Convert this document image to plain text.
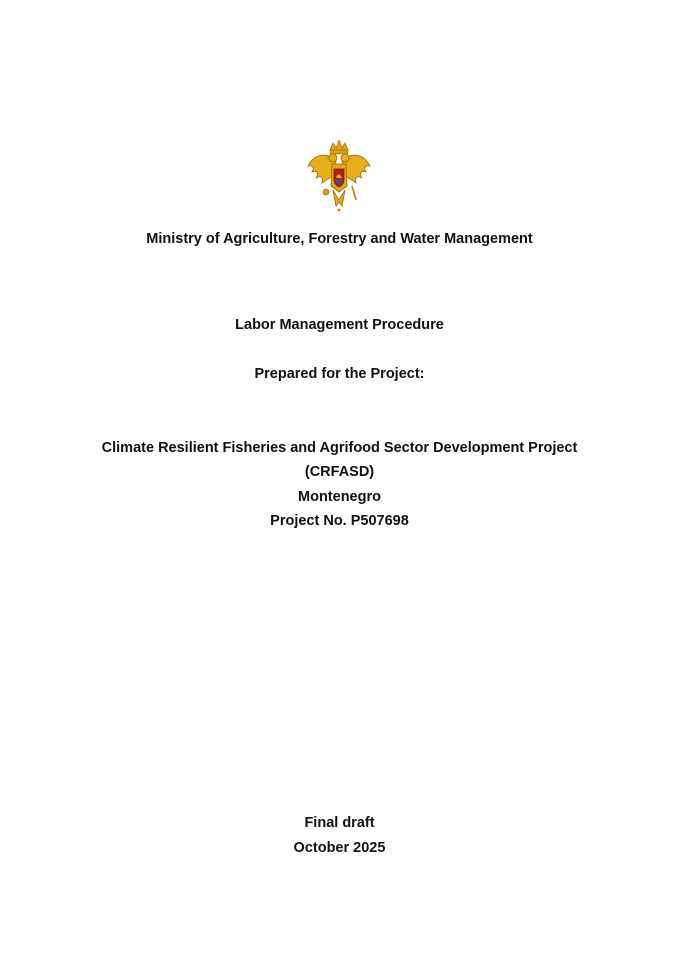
Ministry of Agriculture, Forestry and Water Management
Labor Management Procedure
Prepared for the Project:
Climate Resilient Fisheries and Agrifood Sector Development Project
(CRFASD)
Montenegro
Project No. P507698
Final draft
October 2025
